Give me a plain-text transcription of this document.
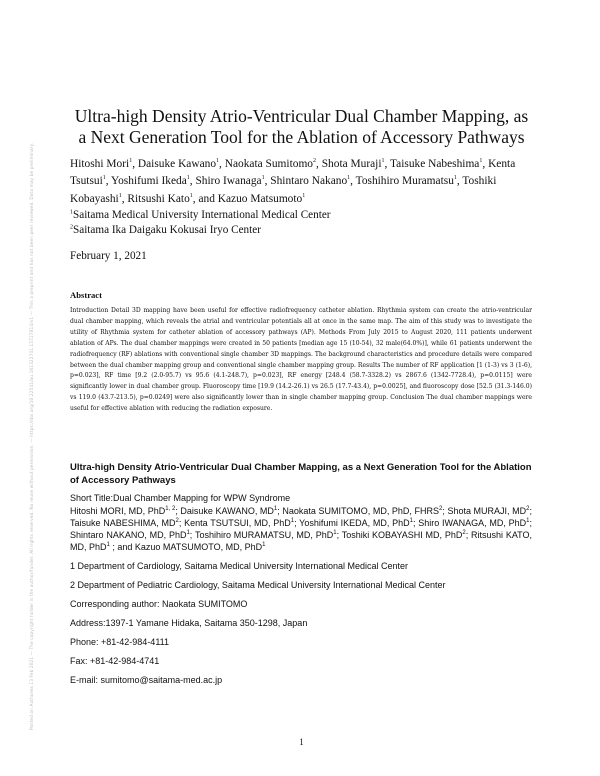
Posted on Authorea 13 Feb 2021 — The copyright holder is the author/funder. All rights reserved. No reuse without permission. — https://doi.org/10.22541/au.161322741.15727814/v1 — This a preprint and has not been peer reviewed. Data may be preliminary.
Ultra-high Density Atrio-Ventricular Dual Chamber Mapping, as a Next Generation Tool for the Ablation of Accessory Pathways

Hitoshi Mori$^1$, Daisuke Kawano$^1$, Naokata Sumitomo$^2$, Shota Muraji$^1$, Taisuke Nabeshima$^1$, Kenta Tsutsui$^1$, Yoshifumi Ikeda$^1$, Shiro Iwanaga$^1$, Shintaro Nakano$^1$, Toshihiro Muramatsu$^1$, Toshiki Kobayashi$^1$, Ritsushi Kato$^1$, and Kazuo Matsumoto$^1$

$^1$Saitama Medical University International Medical Center
$^2$Saitama Ika Daigaku Kokusai Iryo Center
February 1, 2021
Abstract

Introduction Detail 3D mapping have been useful for effective radiofrequency catheter ablation. Rhythmia system can create the atrio-ventricular dual chamber mapping, which reveals the atrial and ventricular potentials all at once in the same map. The aim of this study was to investigate the utility of Rhythmia system for catheter ablation of accessory pathways (AP). Methods From July 2015 to August 2020, 111 patients underwent ablation of APs. The dual chamber mappings were created in 50 patients [median age 15 (10-54), 32 male(64.0%)], while 61 patients underwent the radiofrequency (RF) ablations with conventional single chamber 3D mappings. The background characteristics and procedure details were compared between the dual chamber mapping group and conventional single chamber mapping group. Results The number of RF application [1 (1-3) vs 3 (1-6), p=0.023], RF time [9.2 (2.0-95.7) vs 95.6 (4.1-248.7), p=0.023], RF energy [248.4 (58.7-3328.2) vs 2867.6 (1342-7728.4), p=0.0115] were significantly lower in dual chamber group. Fluoroscopy time [19.9 (14.2-26.1) vs 26.5 (17.7-43.4), p=0.0025], and fluoroscopy dose [52.5 (31.3-146.0) vs 119.0 (43.7-213.5), p=0.0249] were also significantly lower than in single chamber mapping group. Conclusion The dual chamber mappings were useful for effective ablation with reducing the radiation exposure.

Ultra-high Density Atrio-Ventricular Dual Chamber Mapping, as a Next Generation Tool for the Ablation of Accessory Pathways

Short Title:Dual Chamber Mapping for WPW Syndrome

Hitoshi MORI, MD, PhD$^{1, 2}$; Daisuke KAWANO, $MD^1$; Naokata SUMITOMO, MD, PhD, FHRS$^2$; Shota MURAJI, $MD^2$; Taisuke NABESHIMA, $MD^2$; Kenta TSUTSUI, MD, PhD$^1$; Yoshifumi IKEDA, MD, PhD$^1$; Shiro IWANAGA, MD, PhD$^1$; Shintaro NAKANO, MD, PhD$^1$; Toshihiro MURAMATSU, MD, PhD$^1$; Toshiki KOBAYASHI MD, PhD$^2$; Ritsushi KATO, MD, PhD$^1$ ; and Kazuo MATSUMOTO, MD, PhD$^1$

1 Department of Cardiology, Saitama Medical University International Medical Center

2 Department of Pediatric Cardiology, Saitama Medical University International Medical Center

Corresponding author: Naokata SUMITOMO

Address:1397-1 Yamane Hidaka, Saitama 350-1298, Japan

Phone: +81-42-984-4111

Fax: +81-42-984-4741

E-mail: sumitomo@saitama-med.ac.jp

1
